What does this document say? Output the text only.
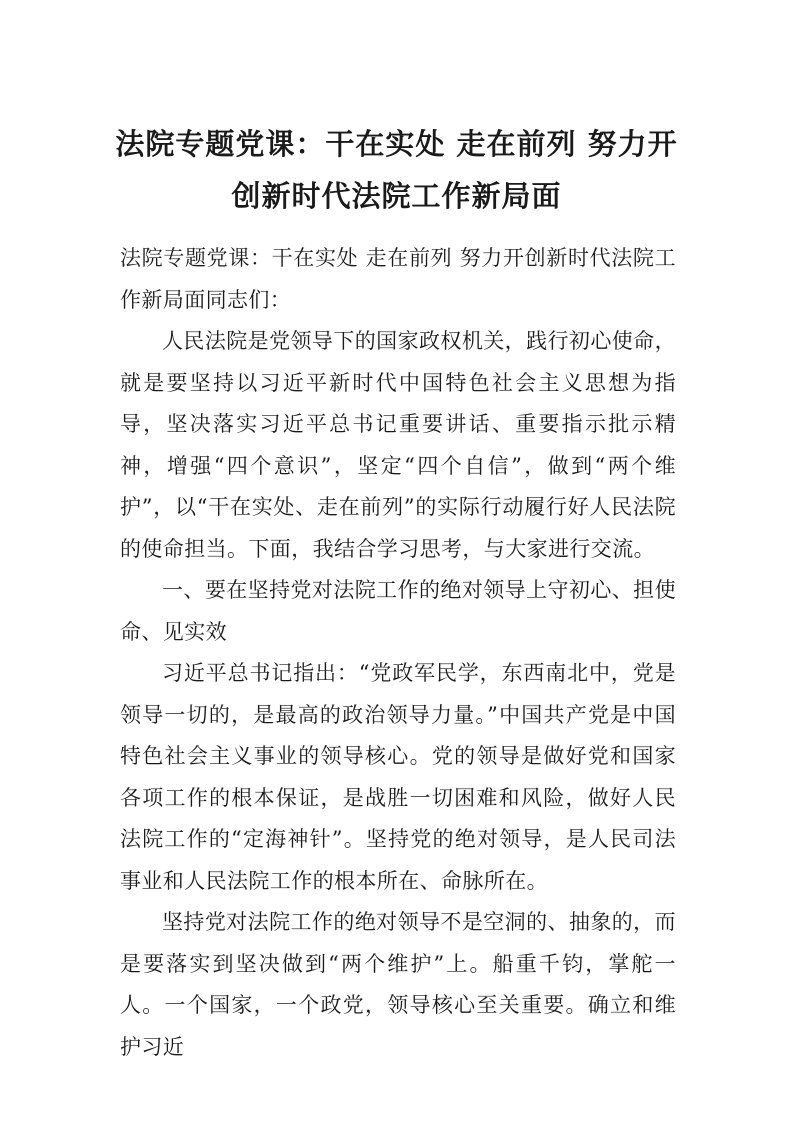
法院专题党课：干在实处 走在前列 努力开创新时代法院工作新局面

法院专题党课：干在实处 走在前列 努力开创新时代法院工作新局面同志们：

人民法院是党领导下的国家政权机关，践行初心使命，就是要坚持以习近平新时代中国特色社会主义思想为指导，坚决落实习近平总书记重要讲话、重要指示批示精神，增强“四个意识”，坚定“四个自信”，做到“两个维护”，以“干在实处、走在前列”的实际行动履行好人民法院的使命担当。下面，我结合学习思考，与大家进行交流。

一、要在坚持党对法院工作的绝对领导上守初心、担使命、见实效

习近平总书记指出：“党政军民学，东西南北中，党是领导一切的，是最高的政治领导力量。”中国共产党是中国特色社会主义事业的领导核心。党的领导是做好党和国家各项工作的根本保证，是战胜一切困难和风险，做好人民法院工作的“定海神针”。坚持党的绝对领导，是人民司法事业和人民法院工作的根本所在、命脉所在。

坚持党对法院工作的绝对领导不是空洞的、抽象的，而是要落实到坚决做到“两个维护”上。船重千钧，掌舵一人。一个国家，一个政党，领导核心至关重要。确立和维护习近
